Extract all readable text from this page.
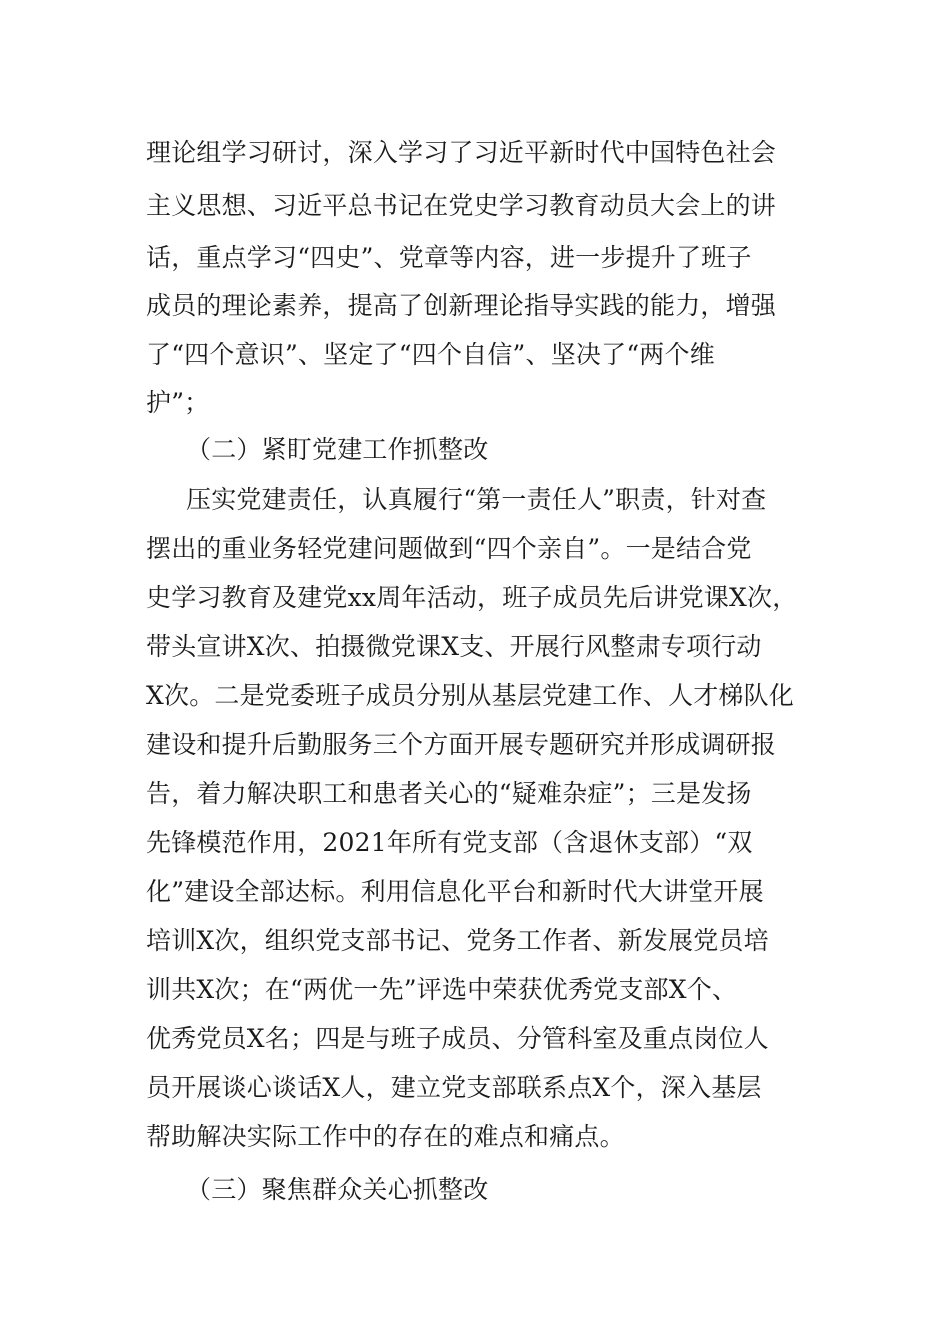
理论组学习研讨，深入学习了习近平新时代中国特色社会
主义思想、习近平总书记在党史学习教育动员大会上的讲
话，重点学习“四史”、党章等内容，进一步提升了班子
成员的理论素养，提高了创新理论指导实践的能力，增强
了“四个意识”、坚定了“四个自信”、坚决了“两个维
护”；
（二）紧盯党建工作抓整改
压实党建责任，认真履行“第一责任人”职责，针对查
摆出的重业务轻党建问题做到“四个亲自”。一是结合党
史学习教育及建党xx周年活动，班子成员先后讲党课X次，
带头宣讲X次、拍摄微党课X支、开展行风整肃专项行动
X次。二是党委班子成员分别从基层党建工作、人才梯队化
建设和提升后勤服务三个方面开展专题研究并形成调研报
告，着力解决职工和患者关心的“疑难杂症”；三是发扬
先锋模范作用，2021年所有党支部（含退休支部）“双
化”建设全部达标。利用信息化平台和新时代大讲堂开展
培训X次，组织党支部书记、党务工作者、新发展党员培
训共X次；在“两优一先”评选中荣获优秀党支部X个、
优秀党员X名；四是与班子成员、分管科室及重点岗位人
员开展谈心谈话X人，建立党支部联系点X个，深入基层
帮助解决实际工作中的存在的难点和痛点。
（三）聚焦群众关心抓整改
